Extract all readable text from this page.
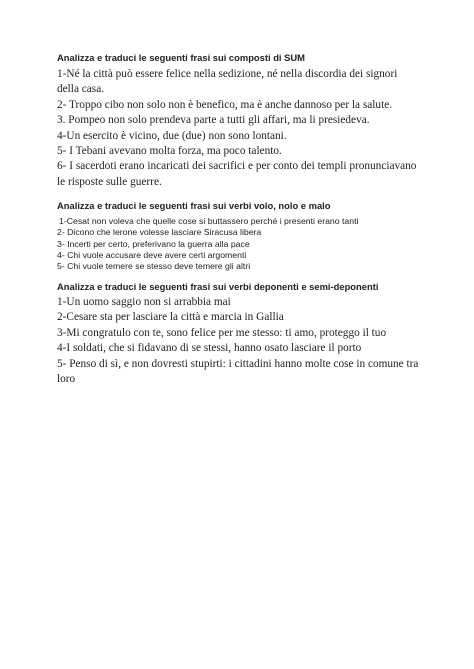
Analizza e traduci le seguenti frasi sui composti di SUM

1-Né la città può essere felice nella sedizione, né nella discordia dei signori

della casa.

2- Troppo cibo non solo non è benefico, ma è anche dannoso per la salute.

3. Pompeo non solo prendeva parte a tutti gli affari, ma li presiedeva.

4-Un esercito è vicino, due (due) non sono lontani.

5- I Tebani avevano molta forza, ma poco talento.

6- I sacerdoti erano incaricati dei sacrifici e per conto dei templi pronunciavano

le risposte sulle guerre.

Analizza e traduci le seguenti frasi sui verbi volo, nolo e malo

1-Cesat non voleva che quelle cose si buttassero perché i presenti erano tanti

2- Dicono che lerone volesse lasciare Siracusa libera

3- Incerti per certo, preferivano la guerra alla pace

4- Chi vuole accusare deve avere certi argomenti

5- Chi vuole temere se stesso deve temere gli altri

Analizza e traduci le seguenti frasi sui verbi deponenti e semi-deponenti

1-Un uomo saggio non si arrabbia mai

2-Cesare sta per lasciare la città e marcia in Gallia

3-Mi congratulo con te, sono felice per me stesso: ti amo, proteggo il tuo

4-I soldati, che si fidavano di se stessi, hanno osato lasciare il porto

5- Penso di sì, e non dovresti stupirti: i cittadini hanno molte cose in comune tra

loro
